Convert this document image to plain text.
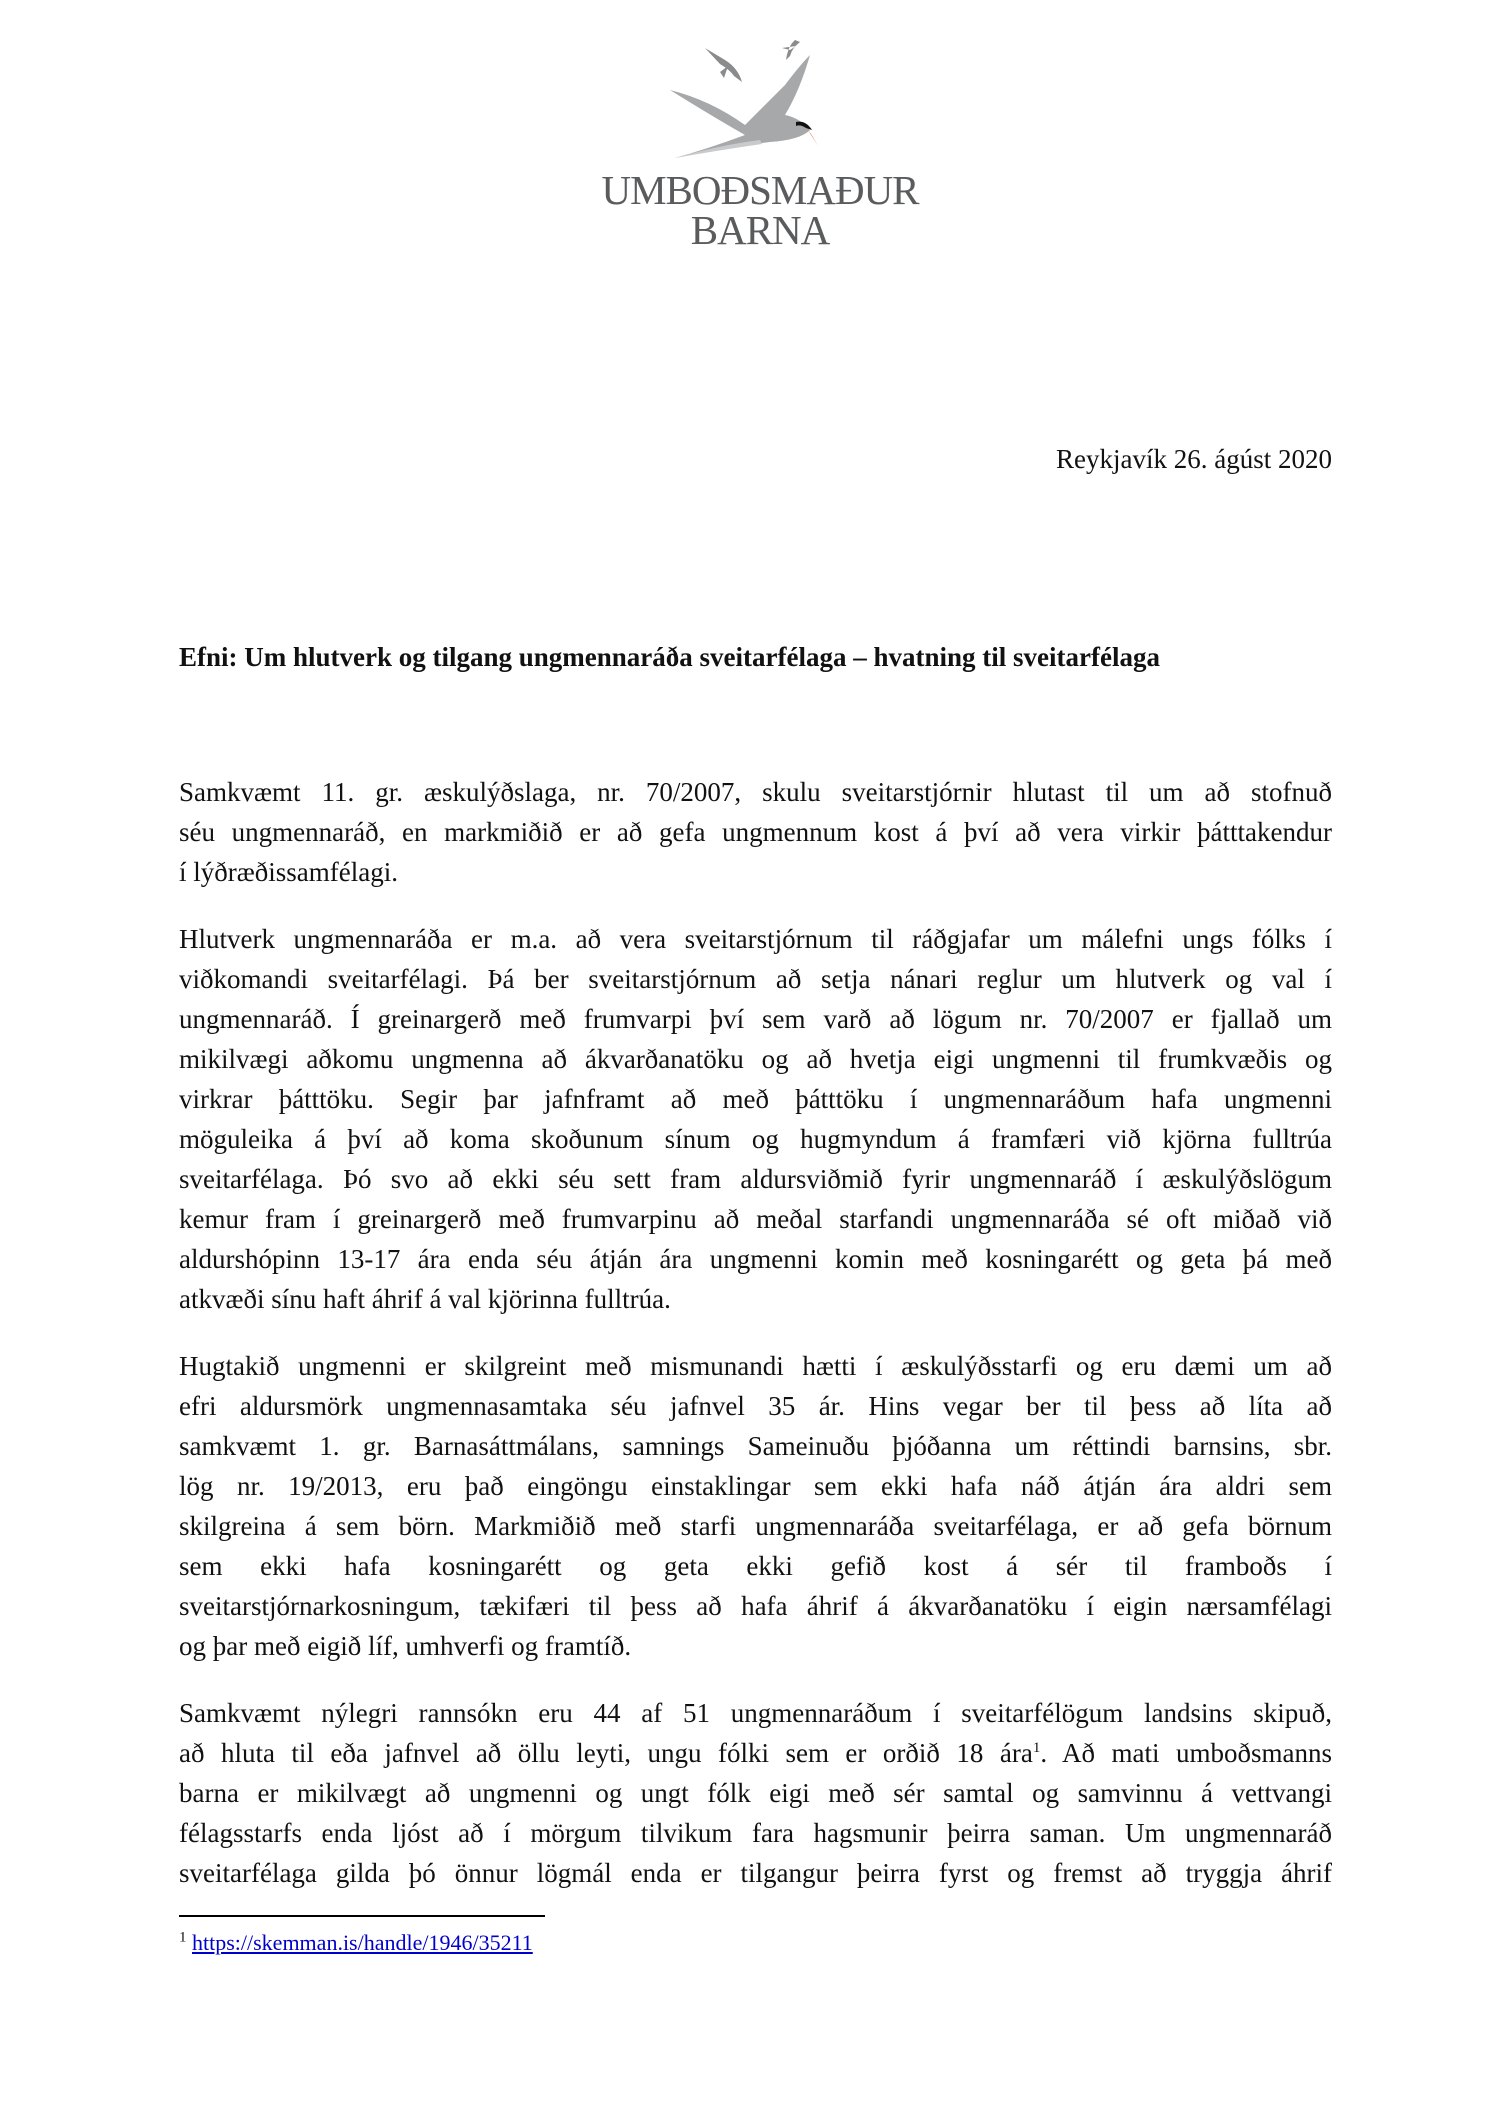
UMBOĐSMAĐUR
BARNA
Reykjavík 26. ágúst 2020
Efni: Um hlutverk og tilgang ungmennaráða sveitarfélaga – hvatning til sveitarfélaga
Samkvæmt 11. gr. æskulýðslaga, nr. 70/2007, skulu sveitarstjórnir hlutast til um að stofnuð
séu ungmennaráð, en markmiðið er að gefa ungmennum kost á því að vera virkir þátttakendur
í lýðræðissamfélagi.
Hlutverk ungmennaráða er m.a. að vera sveitarstjórnum til ráðgjafar um málefni ungs fólks í
viðkomandi sveitarfélagi. Þá ber sveitarstjórnum að setja nánari reglur um hlutverk og val í
ungmennaráð. Í greinargerð með frumvarpi því sem varð að lögum nr. 70/2007 er fjallað um
mikilvægi aðkomu ungmenna að ákvarðanatöku og að hvetja eigi ungmenni til frumkvæðis og
virkrar þátttöku. Segir þar jafnframt að með þátttöku í ungmennaráðum hafa ungmenni
möguleika á því að koma skoðunum sínum og hugmyndum á framfæri við kjörna fulltrúa
sveitarfélaga. Þó svo að ekki séu sett fram aldursviðmið fyrir ungmennaráð í æskulýðslögum
kemur fram í greinargerð með frumvarpinu að meðal starfandi ungmennaráða sé oft miðað við
aldurshópinn 13-17 ára enda séu átján ára ungmenni komin með kosningarétt og geta þá með
atkvæði sínu haft áhrif á val kjörinna fulltrúa.
Hugtakið ungmenni er skilgreint með mismunandi hætti í æskulýðsstarfi og eru dæmi um að
efri aldursmörk ungmennasamtaka séu jafnvel 35 ár. Hins vegar ber til þess að líta að
samkvæmt 1. gr. Barnasáttmálans, samnings Sameinuðu þjóðanna um réttindi barnsins, sbr.
lög nr. 19/2013, eru það eingöngu einstaklingar sem ekki hafa náð átján ára aldri sem
skilgreina á sem börn. Markmiðið með starfi ungmennaráða sveitarfélaga, er að gefa börnum
sem ekki hafa kosningarétt og geta ekki gefið kost á sér til framboðs í
sveitarstjórnarkosningum, tækifæri til þess að hafa áhrif á ákvarðanatöku í eigin nærsamfélagi
og þar með eigið líf, umhverfi og framtíð.
Samkvæmt nýlegri rannsókn eru 44 af 51 ungmennaráðum í sveitarfélögum landsins skipuð,
að hluta til eða jafnvel að öllu leyti, ungu fólki sem er orðið 18 ára$^1$. Að mati umboðsmanns
barna er mikilvægt að ungmenni og ungt fólk eigi með sér samtal og samvinnu á vettvangi
félagsstarfs enda ljóst að í mörgum tilvikum fara hagsmunir þeirra saman. Um ungmennaráð
sveitarfélaga gilda þó önnur lögmál enda er tilgangur þeirra fyrst og fremst að tryggja áhrif
$^1$ https://skemman.is/handle/1946/35211
